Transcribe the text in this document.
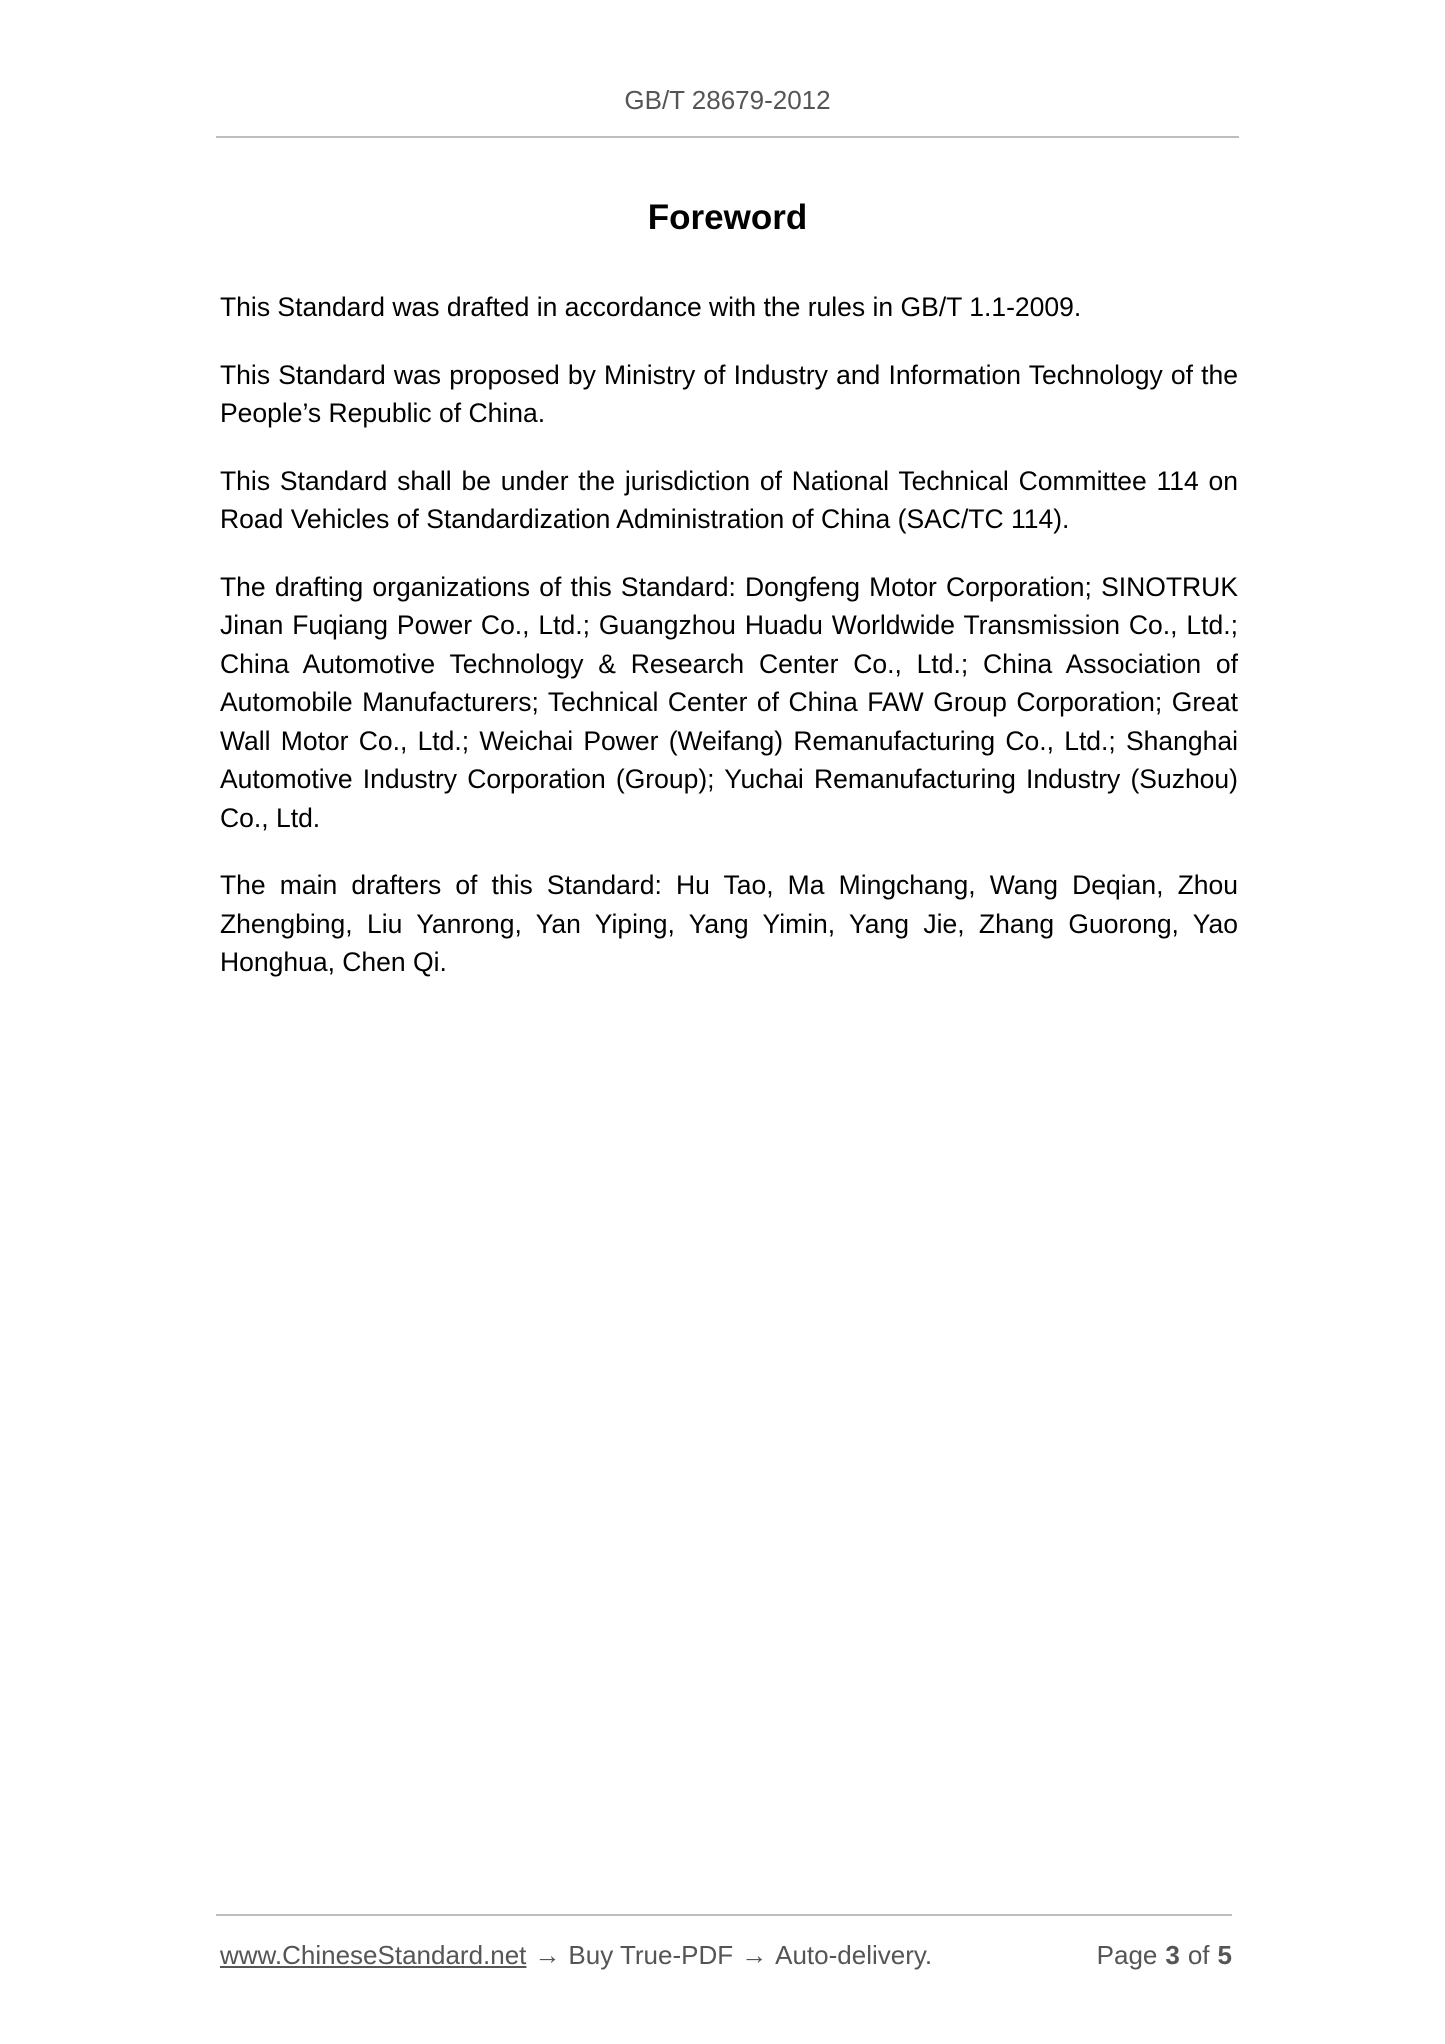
GB/T 28679-2012
Foreword

This Standard was drafted in accordance with the rules in GB/T 1.1-2009.

This Standard was proposed by Ministry of Industry and Information Technology of the People’s Republic of China.

This Standard shall be under the jurisdiction of National Technical Committee 114 on Road Vehicles of Standardization Administration of China (SAC/TC 114).

The drafting organizations of this Standard: Dongfeng Motor Corporation; SINOTRUK Jinan Fuqiang Power Co., Ltd.; Guangzhou Huadu Worldwide Transmission Co., Ltd.; China Automotive Technology & Research Center Co., Ltd.; China Association of Automobile Manufacturers; Technical Center of China FAW Group Corporation; Great Wall Motor Co., Ltd.; Weichai Power (Weifang) Remanufacturing Co., Ltd.; Shanghai Automotive Industry Corporation (Group); Yuchai Remanufacturing Industry (Suzhou) Co., Ltd.

The main drafters of this Standard: Hu Tao, Ma Mingchang, Wang Deqian, Zhou Zhengbing, Liu Yanrong, Yan Yiping, Yang Yimin, Yang Jie, Zhang Guorong, Yao Honghua, Chen Qi.

www.ChineseStandard.net → Buy True-PDF → Auto-delivery.	Page 3 of 5
